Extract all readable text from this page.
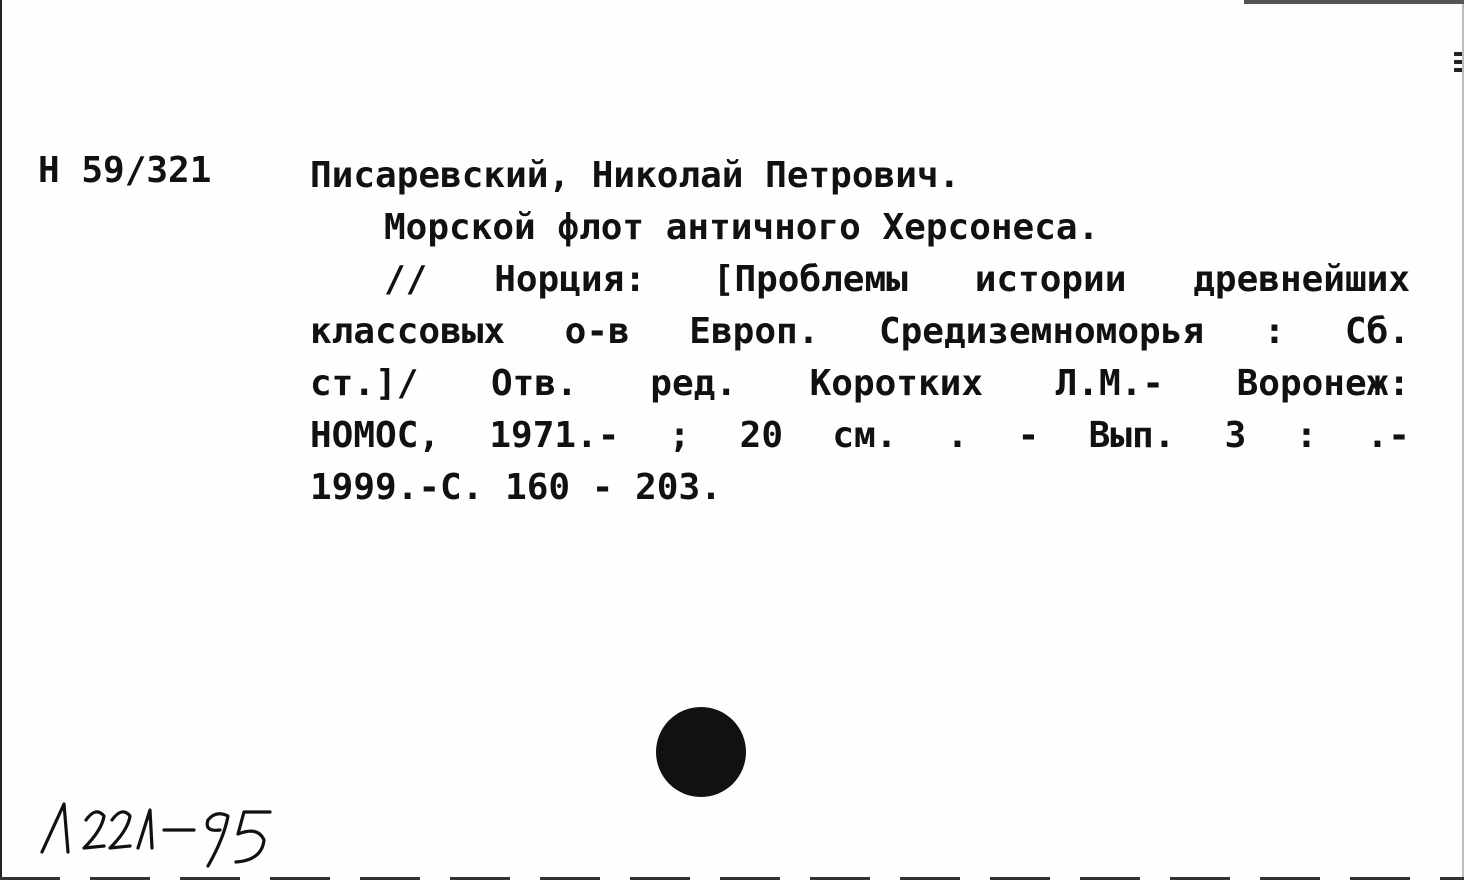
Н 59/321	Писаревский, Николай Петрович.
Морской флот античного Херсонеса.
// Норция: [Проблемы истории древнейших
классовых о-в Европ. Средиземноморья : Сб.
ст.]/ Отв. ред. Коротких Л.М.- Воронеж:
НОМОС, 1971.- ; 20 см. . - Вып. 3 : .-
1999.-С. 160 - 203.
